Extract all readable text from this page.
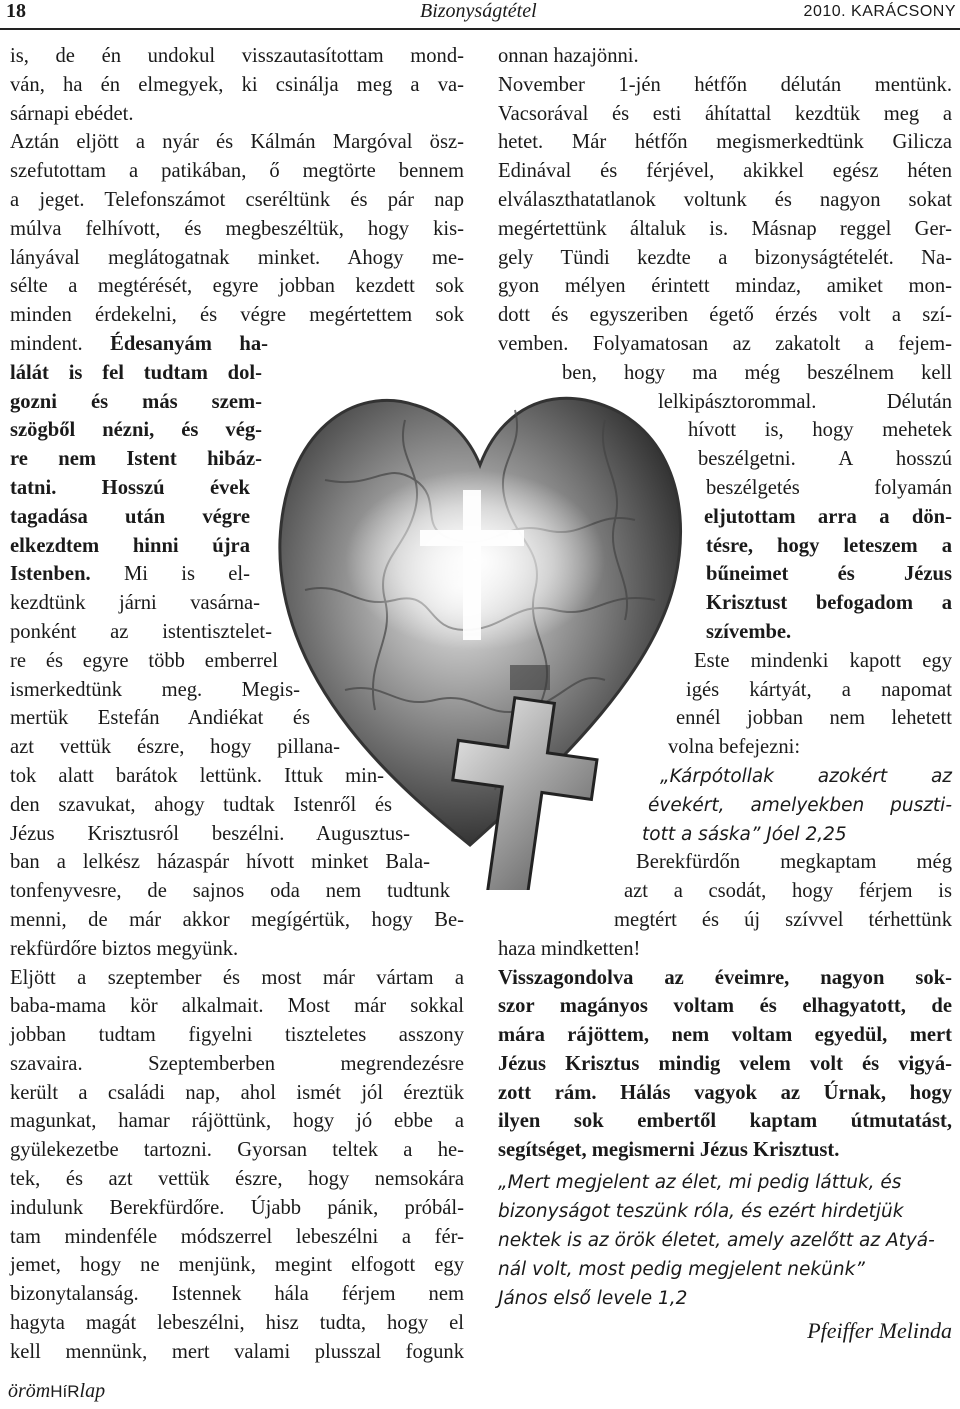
18	Bizonyságtétel	2010. KARÁCSONY
is, de én undokul visszautasítottam mond-
ván, ha én elmegyek, ki csinálja meg a va-
sárnapi ebédet.
Aztán eljött a nyár és Kálmán Margóval ösz-
szefutottam a patikában, ő megtörte bennem
a jeget. Telefonszámot cseréltünk és pár nap
múlva felhívott, és megbeszéltük, hogy kis-
lányával meglátogatnak minket. Ahogy me-
sélte a megtérését, egyre jobban kezdett sok
minden érdekelni, és végre megértettem sok
mindent. Édesanyám ha-
lálát is fel tudtam dol-
gozni és más szem-
szögből nézni, és vég-
re nem Istent hibáz-
tatni. Hosszú évek
tagadása után végre
elkezdtem hinni újra
Istenben. Mi is el-
kezdtünk járni vasárna-
ponként az istentisztelet-
re és egyre több emberrel
ismerkedtünk meg. Megis-
mertük Estefán Andiékat és
azt vettük észre, hogy pillana-
tok alatt barátok lettünk. Ittuk min-
den szavukat, ahogy tudtak Istenről és
Jézus Krisztusról beszélni. Augusztus-
ban a lelkész házaspár hívott minket Bala-
tonfenyvesre, de sajnos oda nem tudtunk
menni, de már akkor megígértük, hogy Be-
rekfürdőre biztos megyünk.
Eljött a szeptember és most már vártam a
baba-mama kör alkalmait. Most már sokkal
jobban tudtam figyelni tiszteletes asszony
szavaira. Szeptemberben megrendezésre
került a családi nap, ahol ismét jól éreztük
magunkat, hamar rájöttünk, hogy jó ebbe a
gyülekezetbe tartozni. Gyorsan teltek a he-
tek, és azt vettük észre, hogy nemsokára
indulunk Berekfürdőre. Újabb pánik, próbál-
tam mindenféle módszerrel lebeszélni a fér-
jemet, hogy ne menjünk, megint elfogott egy
bizonytalanság. Istennek hála férjem nem
hagyta magát lebeszélni, hisz tudta, hogy el
kell mennünk, mert valami plusszal fogunk
onnan hazajönni.
November 1-jén hétfőn délután mentünk.
Vacsorával és esti áhítattal kezdtük meg a
hetet. Már hétfőn megismerkedtünk Gilicza
Edinával és férjével, akikkel egész héten
elválaszthatatlanok voltunk és nagyon sokat
megértettünk általuk is. Másnap reggel Ger-
gely Tündi kezdte a bizonyságtételét. Na-
gyon mélyen érintett mindaz, amiket mon-
dott és egyszeriben égető érzés volt a szí-
vemben. Folyamatosan az zakatolt a fejem-
ben, hogy ma még beszélnem kell
lelkipásztorommal. Délután
hívott is, hogy mehetek
beszélgetni. A hosszú
beszélgetés folyamán
eljutottam arra a dön-
tésre, hogy leteszem a
bűneimet és Jézus
Krisztust befogadom a
szívembe.
Este mindenki kapott egy
igés kártyát, a napomat
ennél jobban nem lehetett
volna befejezni:
„Kárpótollak azokért az
évekért, amelyekben puszti-
tott a sáska” Jóel 2,25
Berekfürdőn megkaptam még
azt a csodát, hogy férjem is
megtért és új szívvel térhettünk
haza mindketten!
Visszagondolva az éveimre, nagyon sok-
szor magányos voltam és elhagyatott, de
mára rájöttem, nem voltam egyedül, mert
Jézus Krisztus mindig velem volt és vigyá-
zott rám. Hálás vagyok az Úrnak, hogy
ilyen sok embertől kaptam útmutatást,
segítséget, megismerni Jézus Krisztust.
„Mert megjelent az élet, mi pedig láttuk, és
bizonyságot teszünk róla, és ezért hirdetjük
nektek is az örök életet, amely azelőtt az Atyá-
nál volt, most pedig megjelent nekünk”
János első levele 1,2
Pfeiffer Melinda
örömHíRlap
